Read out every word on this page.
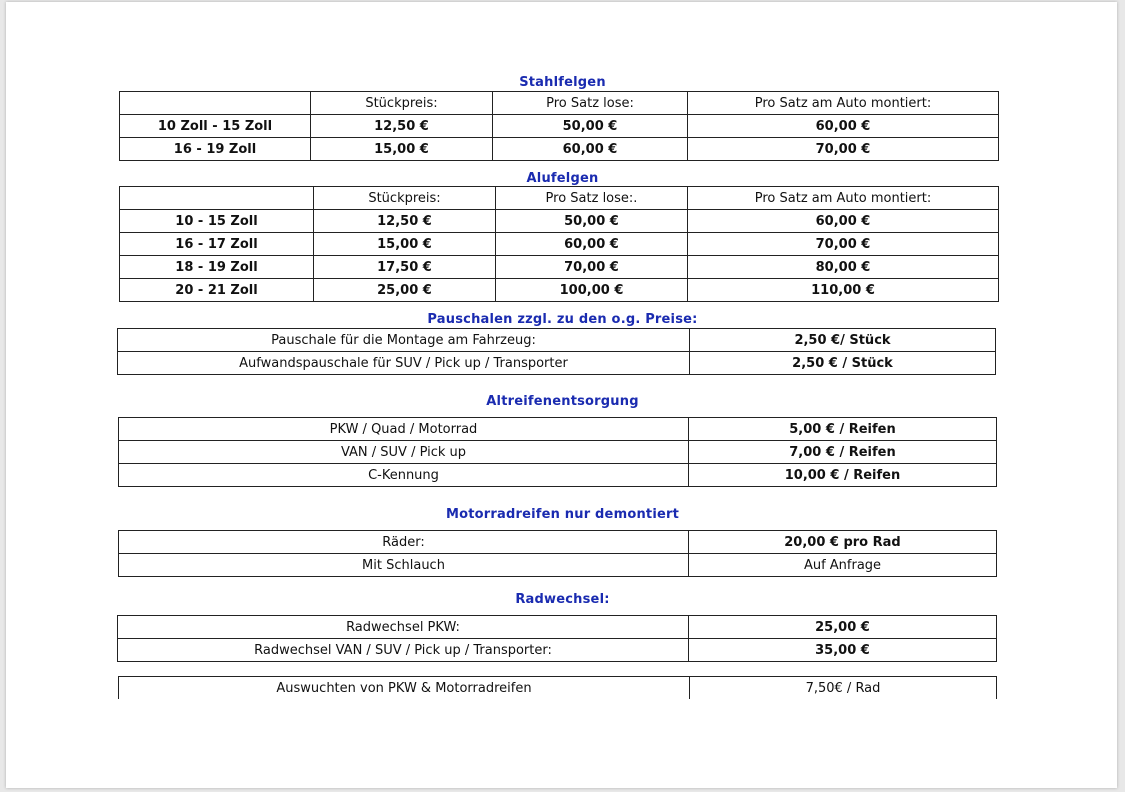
Stahlfelgen
	Stückpreis:	Pro Satz lose:	Pro Satz am Auto montiert:
10 Zoll - 15 Zoll	12,50 €	50,00 €	60,00 €
16 - 19 Zoll	15,00 €	60,00 €	70,00 €
Alufelgen
	Stückpreis:	Pro Satz lose:.	Pro Satz am Auto montiert:
10 - 15 Zoll	12,50 €	50,00 €	60,00 €
16 - 17 Zoll	15,00 €	60,00 €	70,00 €
18 - 19 Zoll	17,50 €	70,00 €	80,00 €
20 - 21 Zoll	25,00 €	100,00 €	110,00 €
Pauschalen zzgl. zu den o.g. Preise:
Pauschale für die Montage am Fahrzeug:	2,50 €/ Stück
Aufwandspauschale für SUV / Pick up / Transporter	2,50 € / Stück
Altreifenentsorgung
PKW / Quad / Motorrad	5,00 € / Reifen
VAN / SUV / Pick up	7,00 € / Reifen
C-Kennung	10,00 € / Reifen
Motorradreifen nur demontiert
Räder:	20,00 € pro Rad
Mit Schlauch	Auf Anfrage
Radwechsel:
Radwechsel PKW:	25,00 €
Radwechsel VAN / SUV / Pick up / Transporter:	35,00 €
Auswuchten von PKW & Motorradreifen	7,50€ / Rad
